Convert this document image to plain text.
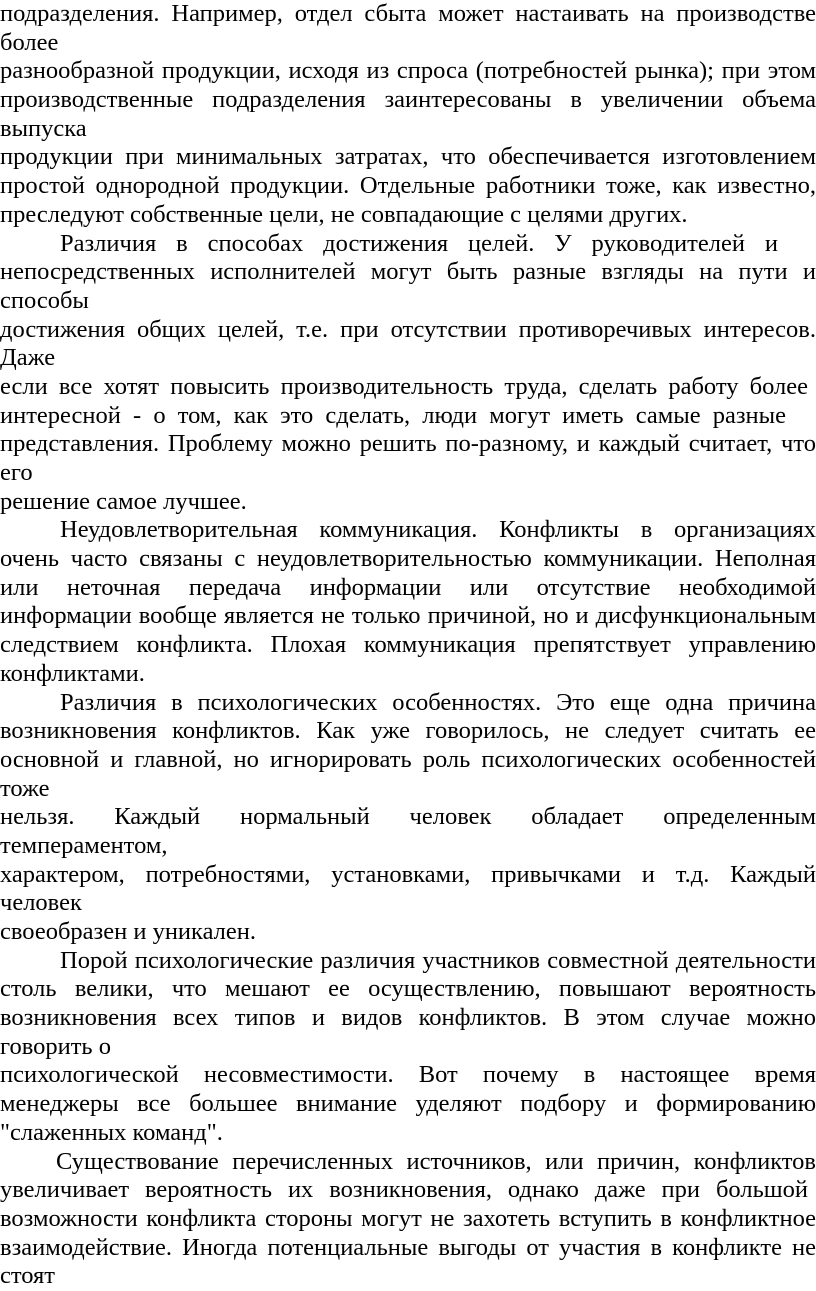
подразделения. Например, отдел сбыта может настаивать на производстве
более
разнообразной продукции, исходя из спроса (потребностей рынка); при этом
производственные подразделения заинтересованы в увеличении объема
выпуска
продукции при минимальных затратах, что обеспечивается изготовлением
простой однородной продукции. Отдельные работники тоже, как известно,
преследуют собственные цели, не совпадающие с целями других.
Различия в способах достижения целей. У руководителей и
непосредственных исполнителей могут быть разные взгляды на пути и
способы
достижения общих целей, т.е. при отсутствии противоречивых интересов.
Даже
если все хотят повысить производительность труда, сделать работу более
интересной - о том, как это сделать, люди могут иметь самые разные
представления. Проблему можно решить по-разному, и каждый считает, что
его
решение самое лучшее.
Неудовлетворительная коммуникация. Конфликты в организациях
очень часто связаны с неудовлетворительностью коммуникации. Неполная
или неточная передача информации или отсутствие необходимой
информации вообще является не только причиной, но и дисфункциональным
следствием конфликта. Плохая коммуникация препятствует управлению
конфликтами.
Различия в психологических особенностях. Это еще одна причина
возникновения конфликтов. Как уже говорилось, не следует считать ее
основной и главной, но игнорировать роль психологических особенностей
тоже
нельзя. Каждый нормальный человек обладает определенным
темпераментом,
характером, потребностями, установками, привычками и т.д. Каждый
человек
своеобразен и уникален.
Порой психологические различия участников совместной деятельности
столь велики, что мешают ее осуществлению, повышают вероятность
возникновения всех типов и видов конфликтов. В этом случае можно
говорить о
психологической несовместимости. Вот почему в настоящее время
менеджеры все большее внимание уделяют подбору и формированию
"слаженных команд".
Существование перечисленных источников, или причин, конфликтов
увеличивает вероятность их возникновения, однако даже при большой
возможности конфликта стороны могут не захотеть вступить в конфликтное
взаимодействие. Иногда потенциальные выгоды от участия в конфликте не
стоят
